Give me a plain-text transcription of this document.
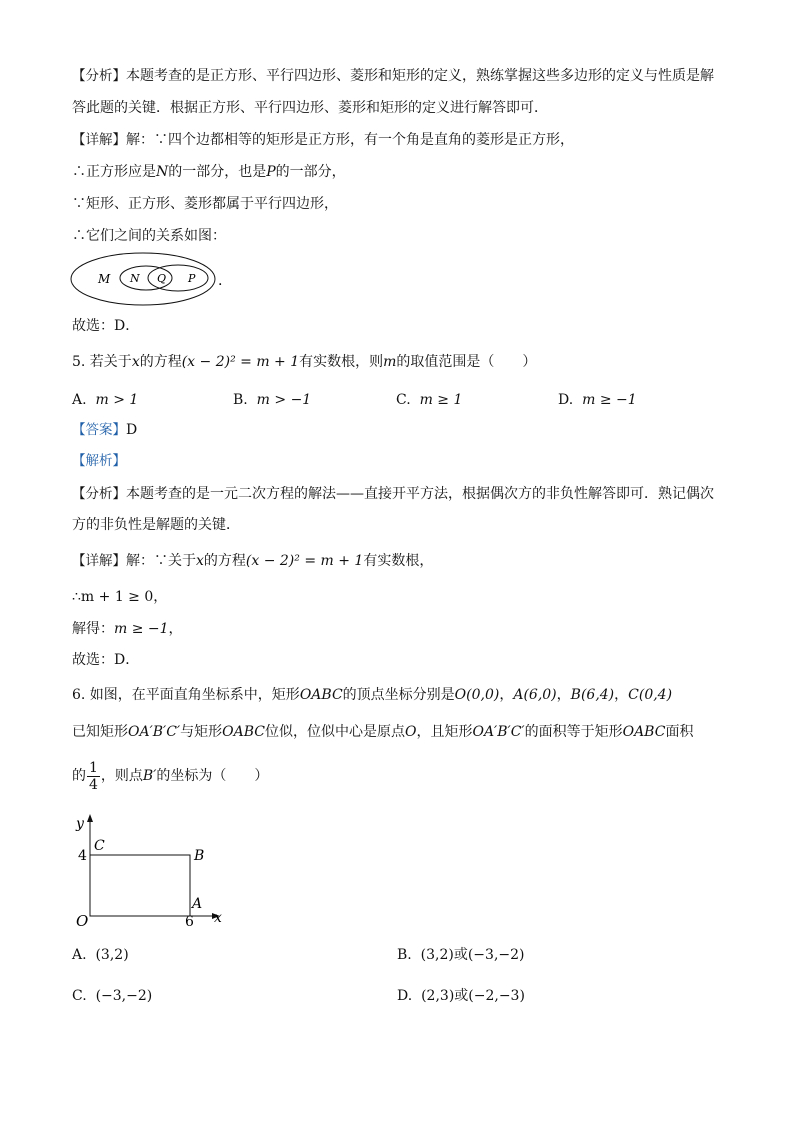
【分析】本题考查的是正方形、平行四边形、菱形和矩形的定义，熟练掌握这些多边形的定义与性质是解
答此题的关键．根据正方形、平行四边形、菱形和矩形的定义进行解答即可．
【详解】解：∵四个边都相等的矩形是正方形，有一个角是直角的菱形是正方形，
∴正方形应是N的一部分，也是P的一部分，
∵矩形、正方形、菱形都属于平行四边形，
∴它们之间的关系如图：
M N Q P .
故选：D．
5. 若关于x的方程(x − 2)² = m + 1有实数根，则m的取值范围是（　　）
A. m > 1	B. m > −1	C. m ≥ 1	D. m ≥ −1
【答案】D
【解析】
【分析】本题考查的是一元二次方程的解法——直接开平方法，根据偶次方的非负性解答即可．熟记偶次
方的非负性是解题的关键．
【详解】解：∵关于x的方程(x − 2)² = m + 1有实数根，
∴m + 1 ≥ 0，
解得：m ≥ −1，
故选：D．
6. 如图，在平面直角坐标系中，矩形OABC的顶点坐标分别是O(0,0)，A(6,0)，B(6,4)，C(0,4)
已知矩形OA′B′C′与矩形OABC位似，位似中心是原点O，且矩形OA′B′C′的面积等于矩形OABC面积
的 $\frac{1}{4}$ ，则点B′的坐标为（　　）
y
x
C
B
A
O
4
6
A. (3,2)	B. (3,2)或(−3,−2)
C. (−3,−2)	D. (2,3)或(−2,−3)
